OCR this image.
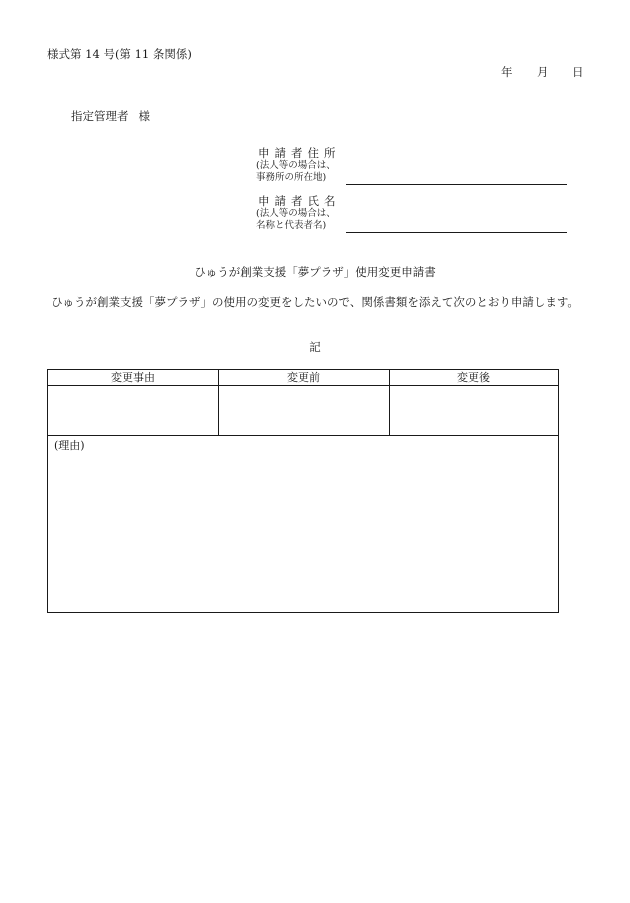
様式第 14 号(第 11 条関係)
年 月 日
指定管理者 様
申請者住所
(法人等の場合は、
事務所の所在地)
申請者氏名
(法人等の場合は、
名称と代表者名)
ひゅうが創業支援「夢プラザ」使用変更申請書
ひゅうが創業支援「夢プラザ」の使用の変更をしたいので、関係書類を添えて次のとおり申請します。
記
変更事由	変更前	変更後
(理由)
